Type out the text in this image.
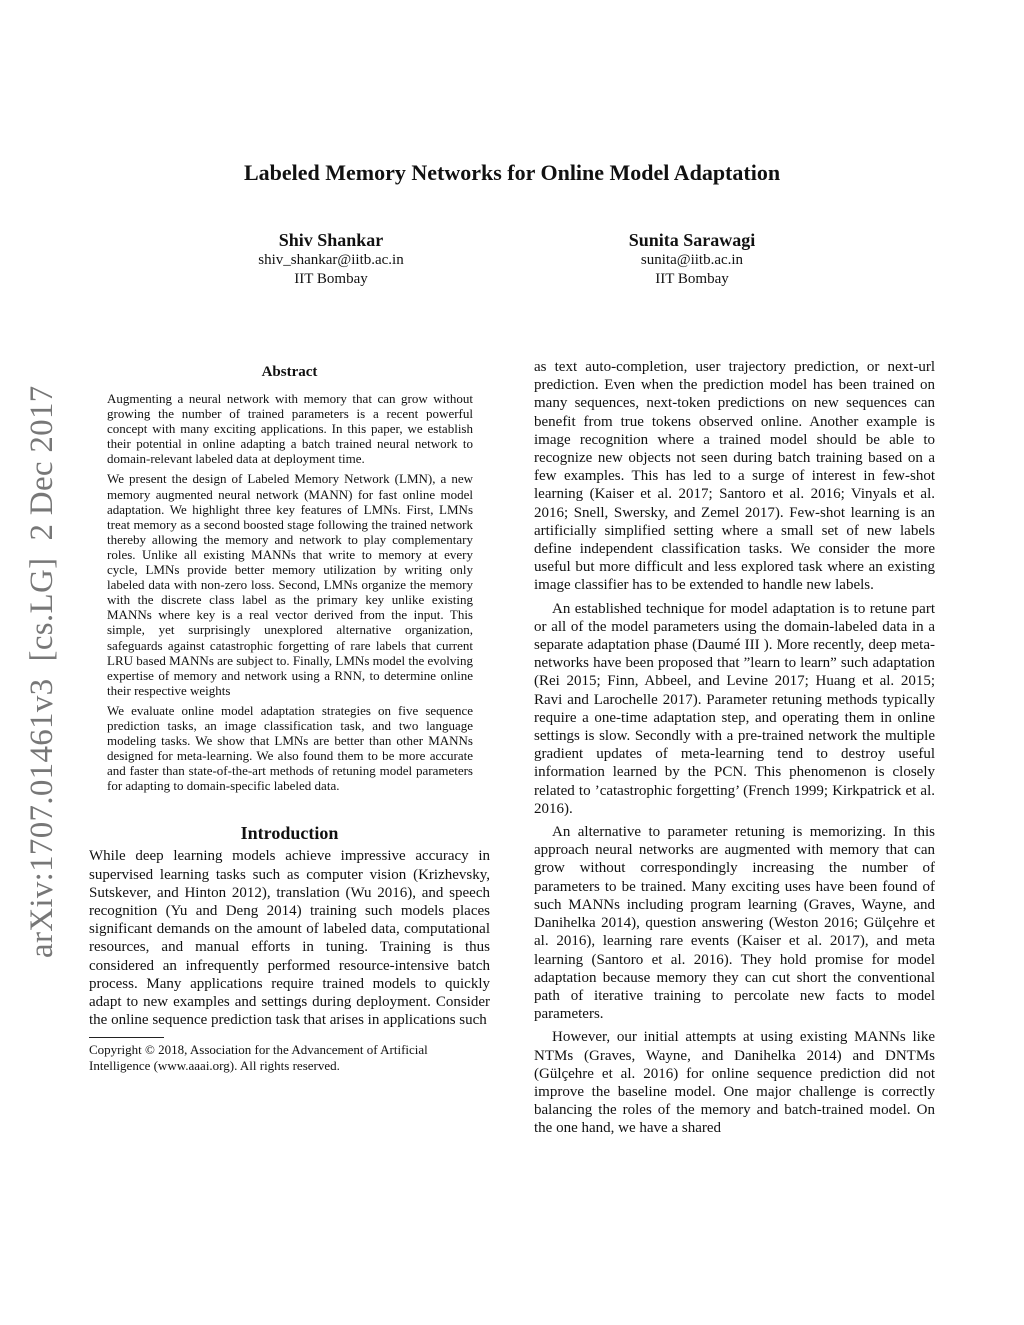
Labeled Memory Networks for Online Model Adaptation
Shiv Shankar
shiv_shankar@iitb.ac.in
IIT Bombay
Sunita Sarawagi
sunita@iitb.ac.in
IIT Bombay
arXiv:1707.01461v3  [cs.LG]  2 Dec 2017
Abstract

Augmenting a neural network with memory that can grow without growing the number of trained parameters is a recent powerful concept with many exciting applications. In this paper, we establish their potential in online adapting a batch trained neural network to domain-relevant labeled data at deployment time.

We present the design of Labeled Memory Network (LMN), a new memory augmented neural network (MANN) for fast online model adaptation. We highlight three key features of LMNs. First, LMNs treat memory as a second boosted stage following the trained network thereby allowing the memory and network to play complementary roles. Unlike all existing MANNs that write to memory at every cycle, LMNs provide better memory utilization by writing only labeled data with non-zero loss. Second, LMNs organize the memory with the discrete class label as the primary key unlike existing MANNs where key is a real vector derived from the input. This simple, yet surprisingly unexplored alternative organization, safeguards against catastrophic forgetting of rare labels that current LRU based MANNs are subject to. Finally, LMNs model the evolving expertise of memory and network using a RNN, to determine online their respective weights

We evaluate online model adaptation strategies on five sequence prediction tasks, an image classification task, and two language modeling tasks. We show that LMNs are better than other MANNs designed for meta-learning. We also found them to be more accurate and faster than state-of-the-art methods of retuning model parameters for adapting to domain-specific labeled data.

Introduction

While deep learning models achieve impressive accuracy in supervised learning tasks such as computer vision (Krizhevsky, Sutskever, and Hinton 2012), translation (Wu 2016), and speech recognition (Yu and Deng 2014) training such models places significant demands on the amount of labeled data, computational resources, and manual efforts in tuning. Training is thus considered an infrequently performed resource-intensive batch process. Many applications require trained models to quickly adapt to new examples and settings during deployment. Consider the online sequence prediction task that arises in applications such

Copyright © 2018, Association for the Advancement of Artificial Intelligence (www.aaai.org). All rights reserved.

as text auto-completion, user trajectory prediction, or next-url prediction. Even when the prediction model has been trained on many sequences, next-token predictions on new sequences can benefit from true tokens observed online. Another example is image recognition where a trained model should be able to recognize new objects not seen during batch training based on a few examples. This has led to a surge of interest in few-shot learning (Kaiser et al. 2017; Santoro et al. 2016; Vinyals et al. 2016; Snell, Swersky, and Zemel 2017). Few-shot learning is an artificially simplified setting where a small set of new labels define independent classification tasks. We consider the more useful but more difficult and less explored task where an existing image classifier has to be extended to handle new labels.

An established technique for model adaptation is to retune part or all of the model parameters using the domain-labeled data in a separate adaptation phase (Daumé III ). More recently, deep meta-networks have been proposed that ”learn to learn” such adaptation (Rei 2015; Finn, Abbeel, and Levine 2017; Huang et al. 2015; Ravi and Larochelle 2017). Parameter retuning methods typically require a one-time adaptation step, and operating them in online settings is slow. Secondly with a pre-trained network the multiple gradient updates of meta-learning tend to destroy useful information learned by the PCN. This phenomenon is closely related to ’catastrophic forgetting’ (French 1999; Kirkpatrick et al. 2016).

An alternative to parameter retuning is memorizing. In this approach neural networks are augmented with memory that can grow without correspondingly increasing the number of parameters to be trained. Many exciting uses have been found of such MANNs including program learning (Graves, Wayne, and Danihelka 2014), question answering (Weston 2016; Gülçehre et al. 2016), learning rare events (Kaiser et al. 2017), and meta learning (Santoro et al. 2016). They hold promise for model adaptation because memory they can cut short the conventional path of iterative training to percolate new facts to model parameters.

However, our initial attempts at using existing MANNs like NTMs (Graves, Wayne, and Danihelka 2014) and DNTMs (Gülçehre et al. 2016) for online sequence prediction did not improve the baseline model. One major challenge is correctly balancing the roles of the memory and batch-trained model. On the one hand, we have a shared
